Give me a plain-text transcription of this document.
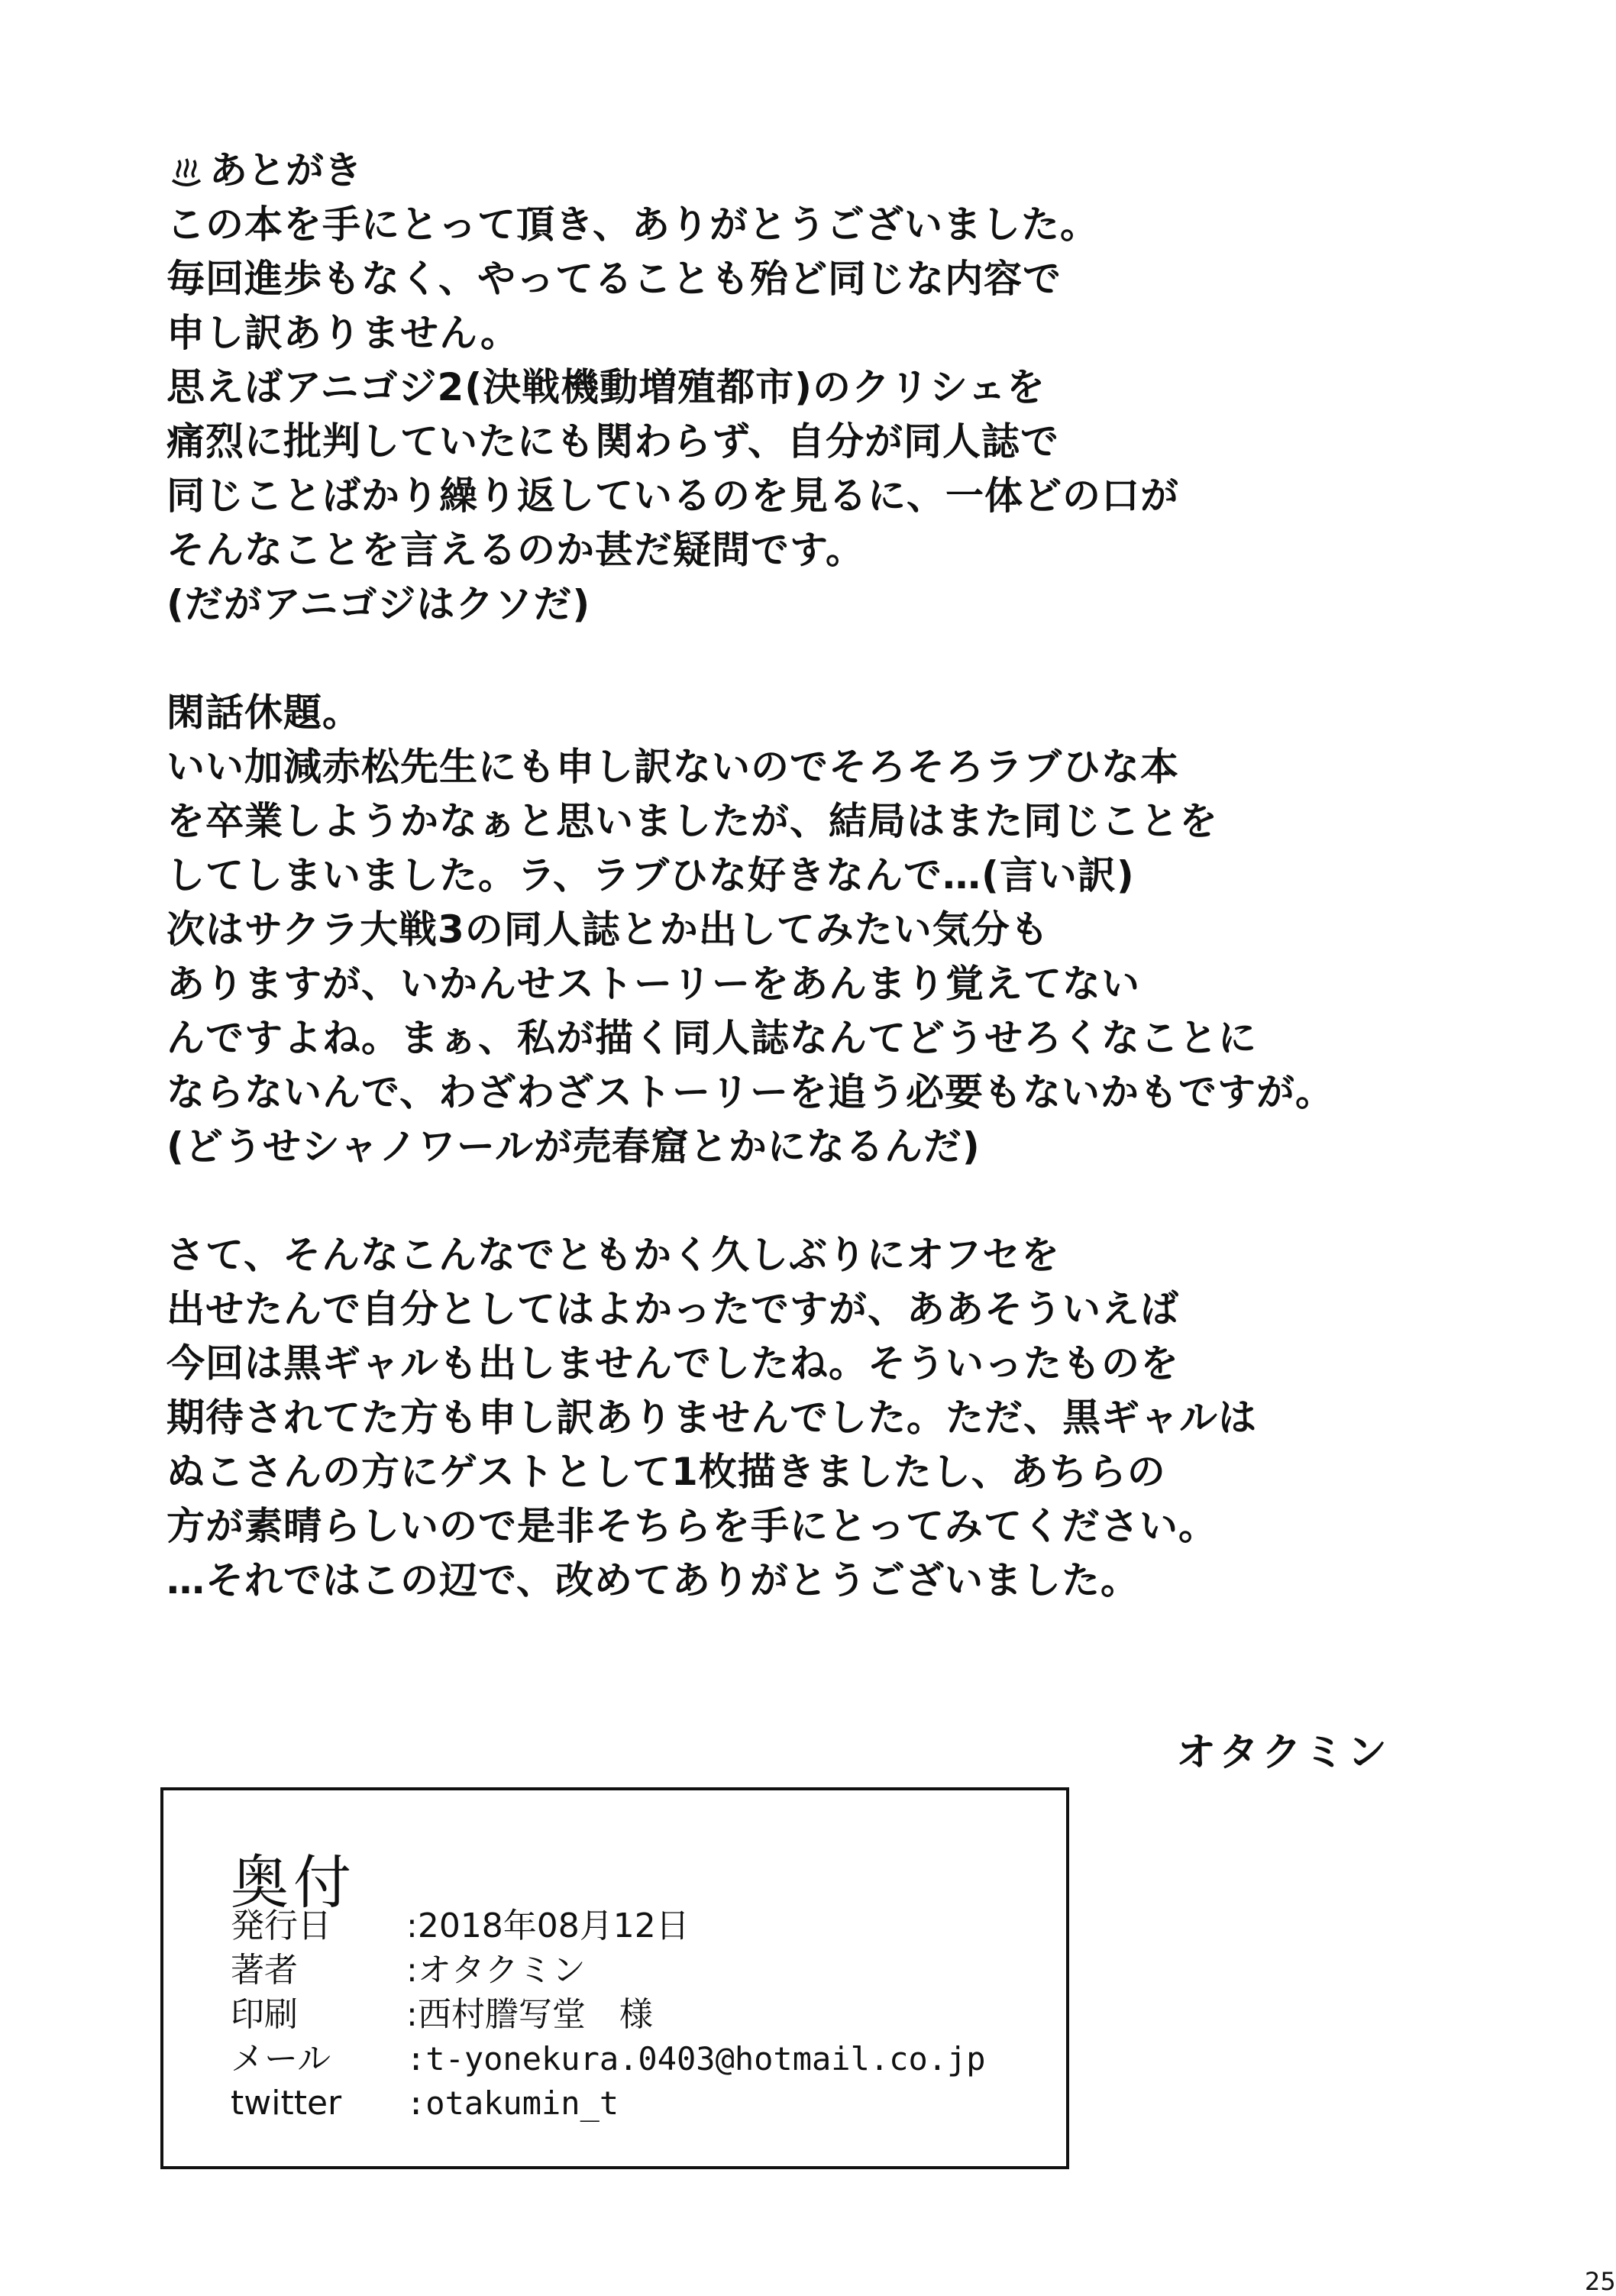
あとがき
この本を手にとって頂き、ありがとうございました。
毎回進歩もなく、やってることも殆ど同じな内容で
申し訳ありません。
思えばアニゴジ2(決戦機動増殖都市)のクリシェを
痛烈に批判していたにも関わらず、自分が同人誌で
同じことばかり繰り返しているのを見るに、一体どの口が
そんなことを言えるのか甚だ疑問です。
(だがアニゴジはクソだ)
閑話休題。
いい加減赤松先生にも申し訳ないのでそろそろラブひな本
を卒業しようかなぁと思いましたが、結局はまた同じことを
してしまいました。ラ、ラブひな好きなんで…(言い訳)
次はサクラ大戦3の同人誌とか出してみたい気分も
ありますが、いかんせストーリーをあんまり覚えてない
んですよね。まぁ、私が描く同人誌なんてどうせろくなことに
ならないんで、わざわざストーリーを追う必要もないかもですが。
(どうせシャノワールが売春窟とかになるんだ)
さて、そんなこんなでともかく久しぶりにオフセを
出せたんで自分としてはよかったですが、ああそういえば
今回は黒ギャルも出しませんでしたね。そういったものを
期待されてた方も申し訳ありませんでした。ただ、黒ギャルは
ぬこさんの方にゲストとして1枚描きましたし、あちらの
方が素晴らしいので是非そちらを手にとってみてください。
…それではこの辺で、改めてありがとうございました。
オタクミン
奥付
発行日	:2018年08月12日
著者	:オタクミン
印刷	:西村謄写堂　様
メール	:t-yonekura.0403@hotmail.co.jp
twitter	:otakumin_t
25
